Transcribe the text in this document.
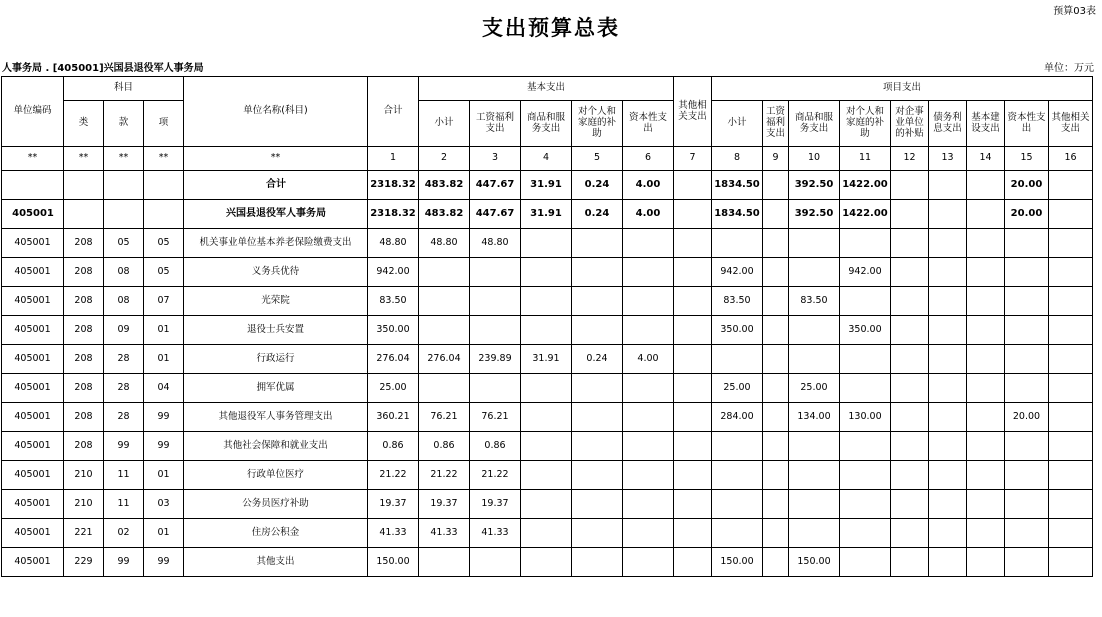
支出预算总表
预算03表
人事务局 . [405001]兴国县退役军人事务局	单位：万元
单位编码	科目			单位名称(科目)	合计	基本支出					其他相关支出	项目支出								
	类	款	项			小计	工资福利支出	商品和服务支出	对个人和家庭的补助	资本性支出		小计	工资福利支出	商品和服务支出	对个人和家庭的补助	对企事业单位的补贴	债务利息支出	基本建设支出	资本性支出	其他相关支出
**	**	**	**	**	1	2	3	4	5	6	7	8	9	10	11	12	13	14	15	16
				合计	2318.32	483.82	447.67	31.91	0.24	4.00		1834.50		392.50	1422.00				20.00	
405001				兴国县退役军人事务局	2318.32	483.82	447.67	31.91	0.24	4.00		1834.50		392.50	1422.00				20.00	
405001	208	05	05	机关事业单位基本养老保险缴费支出	48.80	48.80	48.80													
405001	208	08	05	义务兵优待	942.00							942.00			942.00					
405001	208	08	07	光荣院	83.50							83.50		83.50						
405001	208	09	01	退役士兵安置	350.00							350.00			350.00					
405001	208	28	01	行政运行	276.04	276.04	239.89	31.91	0.24	4.00										
405001	208	28	04	拥军优属	25.00							25.00		25.00						
405001	208	28	99	其他退役军人事务管理支出	360.21	76.21	76.21					284.00		134.00	130.00				20.00	
405001	208	99	99	其他社会保障和就业支出	0.86	0.86	0.86													
405001	210	11	01	行政单位医疗	21.22	21.22	21.22													
405001	210	11	03	公务员医疗补助	19.37	19.37	19.37													
405001	221	02	01	住房公积金	41.33	41.33	41.33													
405001	229	99	99	其他支出	150.00							150.00		150.00						
